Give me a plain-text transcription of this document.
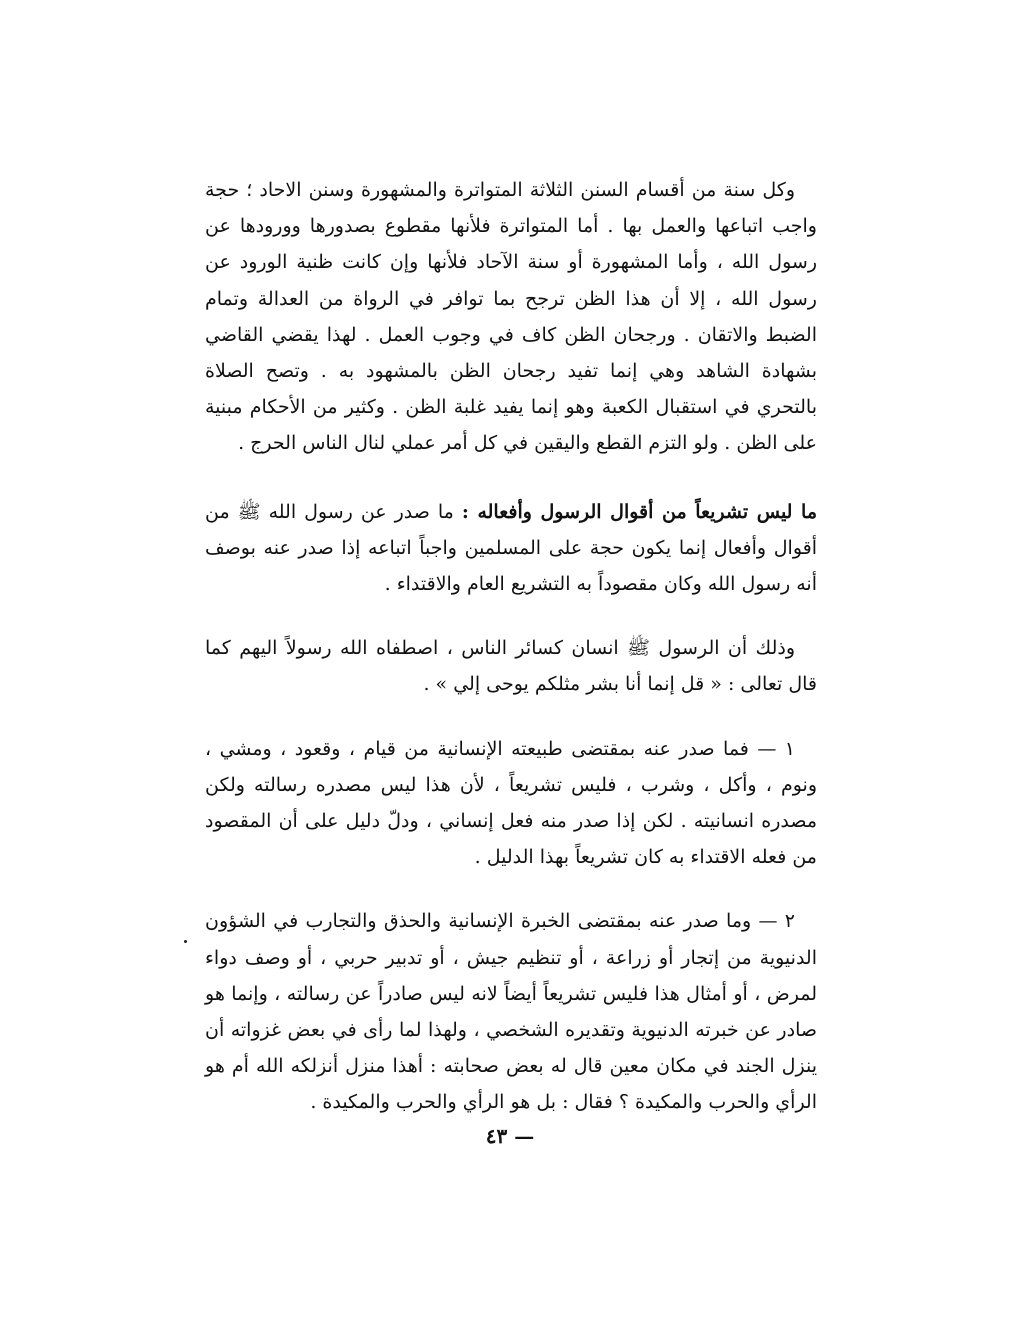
وكل سنة من أقسام السنن الثلاثة المتواترة والمشهورة وسنن الاحاد ؛ حجة واجب اتباعها والعمل بها . أما المتواترة فلأنها مقطوع بصدورها وورودها عن رسول الله ، وأما المشهورة أو سنة الآحاد فلأنها وإن كانت ظنية الورود عن رسول الله ، إلا أن هذا الظن ترجح بما توافر في الرواة من العدالة وتمام الضبط والاتقان . ورجحان الظن كاف في وجوب العمل . لهذا يقضي القاضي بشهادة الشاهد وهي إنما تفيد رجحان الظن بالمشهود به . وتصح الصلاة بالتحري في استقبال الكعبة وهو إنما يفيد غلبة الظن . وكثير من الأحكام مبنية على الظن . ولو التزم القطع واليقين في كل أمر عملي لنال الناس الحرج .

ما ليس تشريعاً من أقوال الرسول وأفعاله : ما صدر عن رسول الله ﷺ من أقوال وأفعال إنما يكون حجة على المسلمين واجباً اتباعه إذا صدر عنه بوصف أنه رسول الله وكان مقصوداً به التشريع العام والاقتداء .

وذلك أن الرسول ﷺ انسان كسائر الناس ، اصطفاه الله رسولاً اليهم كما قال تعالى : « قل إنما أنا بشر مثلكم يوحى إلي » .

١ — فما صدر عنه بمقتضى طبيعته الإنسانية من قيام ، وقعود ، ومشي ، ونوم ، وأكل ، وشرب ، فليس تشريعاً ، لأن هذا ليس مصدره رسالته ولكن مصدره انسانيته . لكن إذا صدر منه فعل إنساني ، ودلّ دليل على أن المقصود من فعله الاقتداء به كان تشريعاً بهذا الدليل .

٢ — وما صدر عنه بمقتضى الخبرة الإنسانية والحذق والتجارب في الشؤون الدنيوية من إتجار أو زراعة ، أو تنظيم جيش ، أو تدبير حربي ، أو وصف دواء لمرض ، أو أمثال هذا فليس تشريعاً أيضاً لانه ليس صادراً عن رسالته ، وإنما هو صادر عن خبرته الدنيوية وتقديره الشخصي ، ولهذا لما رأى في بعض غزواته أن ينزل الجند في مكان معين قال له بعض صحابته : أهذا منزل أنزلكه الله أم هو الرأي والحرب والمكيدة ؟ فقال : بل هو الرأي والحرب والمكيدة .

— ٤٣
